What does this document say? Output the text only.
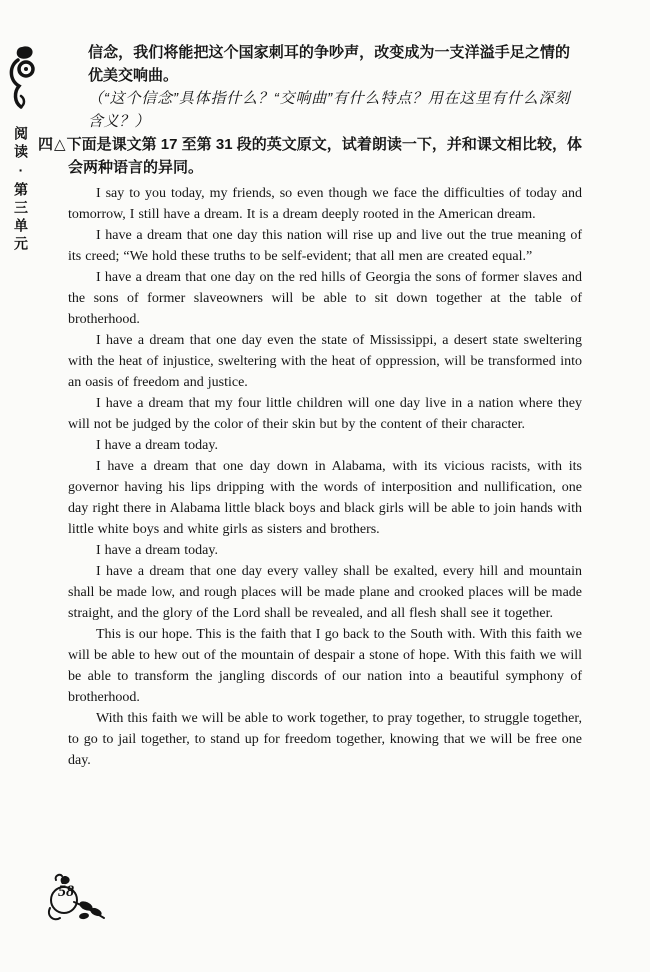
阅读·第三单元

信念，我们将能把这个国家刺耳的争吵声，改变成为一支洋溢手足之情的优美交响曲。

（“这个信念”具体指什么？“交响曲”有什么特点？用在这里有什么深刻含义？）

四△下面是课文第 17 至第 31 段的英文原文，试着朗读一下，并和课文相比较，体会两种语言的异同。

I say to you today, my friends, so even though we face the difficulties of today and tomorrow, I still have a dream. It is a dream deeply rooted in the American dream.

I have a dream that one day this nation will rise up and live out the true meaning of its creed; “We hold these truths to be self-evident; that all men are created equal.”

I have a dream that one day on the red hills of Georgia the sons of former slaves and the sons of former slaveowners will be able to sit down together at the table of brotherhood.

I have a dream that one day even the state of Mississippi, a desert state sweltering with the heat of injustice, sweltering with the heat of oppression, will be transformed into an oasis of freedom and justice.

I have a dream that my four little children will one day live in a nation where they will not be judged by the color of their skin but by the content of their character.

I have a dream today.

I have a dream that one day down in Alabama, with its vicious racists, with its governor having his lips dripping with the words of interposition and nullification, one day right there in Alabama little black boys and black girls will be able to join hands with little white boys and white girls as sisters and brothers.

I have a dream today.

I have a dream that one day every valley shall be exalted, every hill and mountain shall be made low, and rough places will be made plane and crooked places will be made straight, and the glory of the Lord shall be revealed, and all flesh shall see it together.

This is our hope. This is the faith that I go back to the South with. With this faith we will be able to hew out of the mountain of despair a stone of hope. With this faith we will be able to transform the jangling discords of our nation into a beautiful symphony of brotherhood.

With this faith we will be able to work together, to pray together, to struggle together, to go to jail together, to stand up for freedom together, knowing that we will be free one day.

58
